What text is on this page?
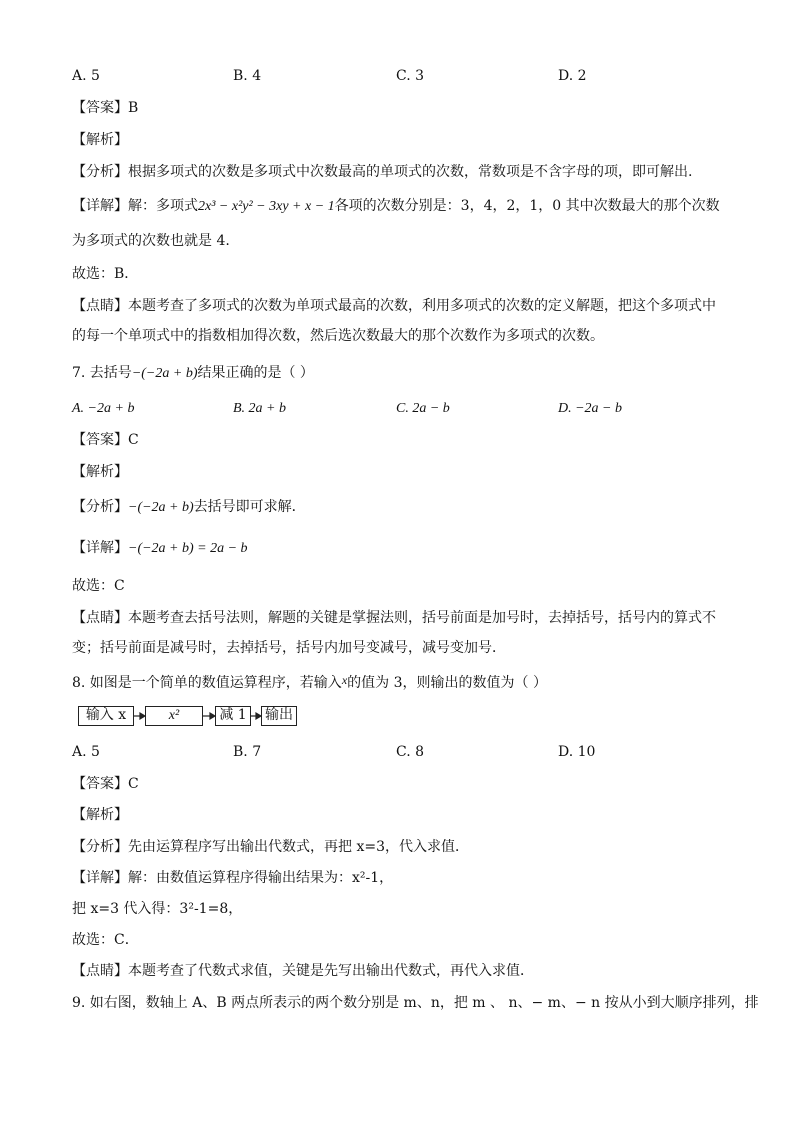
A. 5	B. 4	C. 3	D. 2
【答案】B
【解析】
【分析】根据多项式的次数是多项式中次数最高的单项式的次数，常数项是不含字母的项，即可解出.
【详解】解：多项式2x³ − x²y² − 3xy + x − 1各项的次数分别是：3，4，2，1，0 其中次数最大的那个次数
为多项式的次数也就是 4.
故选：B．
【点睛】本题考查了多项式的次数为单项式最高的次数，利用多项式的次数的定义解题，把这个多项式中
的每一个单项式中的指数相加得次数，然后选次数最大的那个次数作为多项式的次数。
7. 去括号−(−2a + b)结果正确的是（ ）
A. −2a + b	B. 2a + b	C. 2a − b	D. −2a − b
【答案】C
【解析】
【分析】−(−2a + b)去括号即可求解．
【详解】−(−2a + b) = 2a − b
故选：C
【点睛】本题考查去括号法则，解题的关键是掌握法则，括号前面是加号时，去掉括号，括号内的算式不
变；括号前面是减号时，去掉括号，括号内加号变减号，减号变加号．
8. 如图是一个简单的数值运算程序，若输入x的值为 3，则输出的数值为（ ）
输入 x	x²	减 1	输出
A. 5	B. 7	C. 8	D. 10
【答案】C
【解析】
【分析】先由运算程序写出输出代数式，再把 x=3，代入求值．
【详解】解：由数值运算程序得输出结果为：x²-1，
把 x=3 代入得：3²-1=8，
故选：C．
【点睛】本题考查了代数式求值，关键是先写出输出代数式，再代入求值．
9. 如右图，数轴上 A、B 两点所表示的两个数分别是 m、n，把 m 、 n、− m、− n 按从小到大顺序排列，排
